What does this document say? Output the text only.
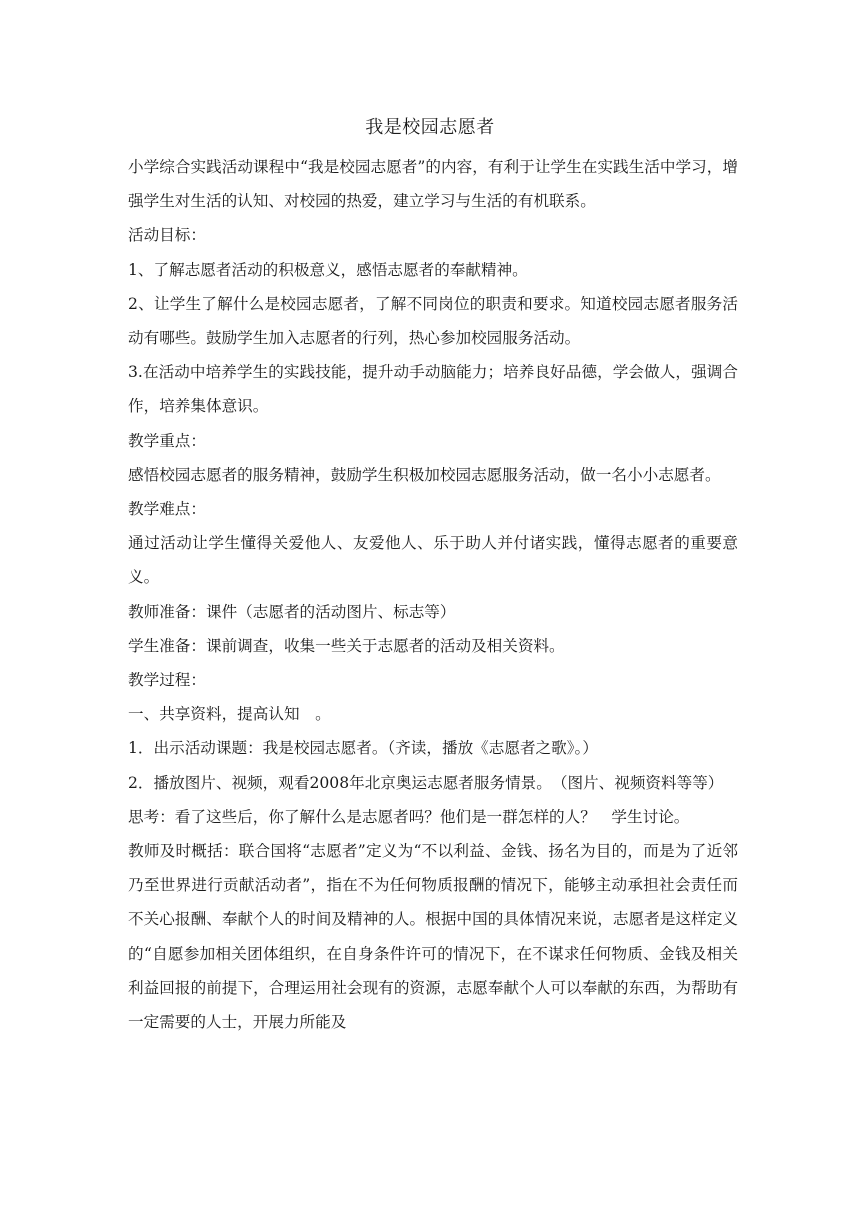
我是校园志愿者

小学综合实践活动课程中“我是校园志愿者”的内容，有利于让学生在实践生活中学习，增强学生对生活的认知、对校园的热爱，建立学习与生活的有机联系。

活动目标：

1、了解志愿者活动的积极意义，感悟志愿者的奉献精神。

2、让学生了解什么是校园志愿者，了解不同岗位的职责和要求。知道校园志愿者服务活动有哪些。鼓励学生加入志愿者的行列，热心参加校园服务活动。

3.在活动中培养学生的实践技能，提升动手动脑能力；培养良好品德，学会做人，强调合作，培养集体意识。

教学重点：

感悟校园志愿者的服务精神，鼓励学生积极加校园志愿服务活动，做一名小小志愿者。

教学难点：

通过活动让学生懂得关爱他人、友爱他人、乐于助人并付诸实践，懂得志愿者的重要意义。

教师准备：课件（志愿者的活动图片、标志等）

学生准备：课前调查，收集一些关于志愿者的活动及相关资料。

教学过程：

一、共享资料，提高认知　。

1．出示活动课题：我是校园志愿者。（齐读，播放《志愿者之歌》。）

2．播放图片、视频，观看2008年北京奥运志愿者服务情景。　（图片、视频资料等等）

思考：看了这些后，你了解什么是志愿者吗？他们是一群怎样的人？　学生讨论。

教师及时概括：联合国将“志愿者”定义为“不以利益、金钱、扬名为目的，而是为了近邻乃至世界进行贡献活动者”，指在不为任何物质报酬的情况下，能够主动承担社会责任而不关心报酬、奉献个人的时间及精神的人。根据中国的具体情况来说，志愿者是这样定义的“自愿参加相关团体组织，在自身条件许可的情况下，在不谋求任何物质、金钱及相关利益回报的前提下，合理运用社会现有的资源，志愿奉献个人可以奉献的东西，为帮助有一定需要的人士，开展力所能及
